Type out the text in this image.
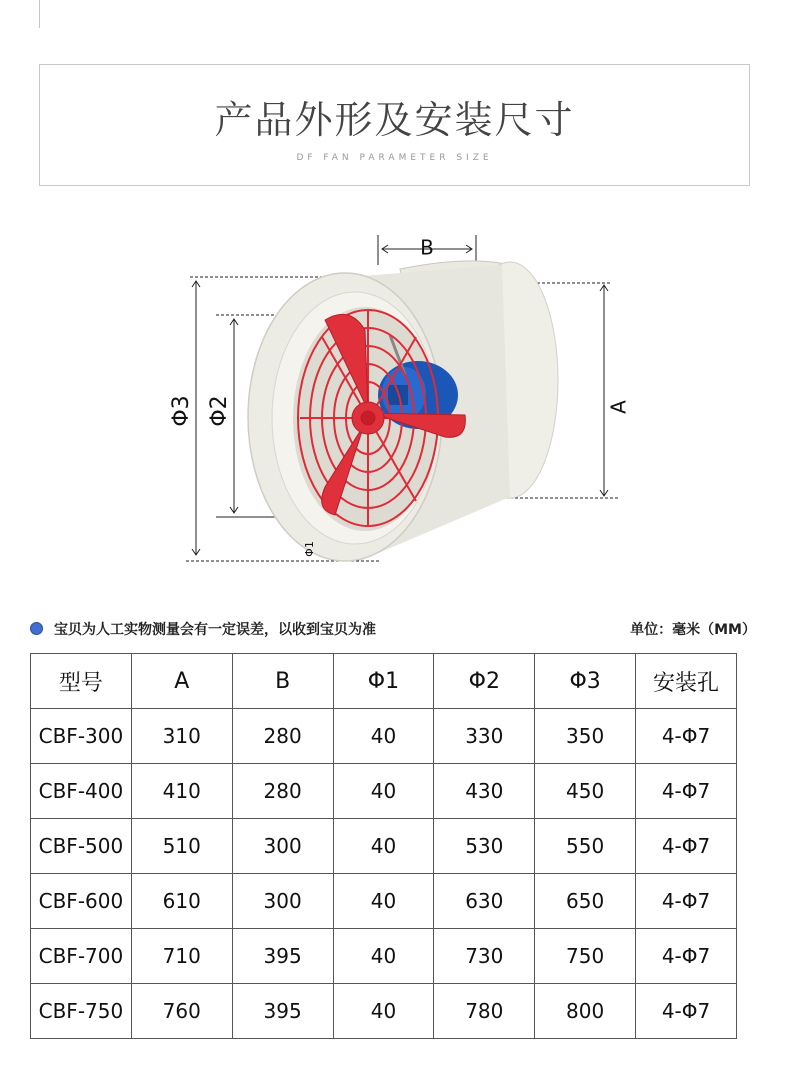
产品外形及安装尺寸
DF FAN PARAMETER SIZE
B
A
Φ3 Φ2
Φ1
宝贝为人工实物测量会有一定误差，以收到宝贝为准	单位：毫米（MM）
型号	A	B	Φ1	Φ2	Φ3	安装孔
CBF-300	310	280	40	330	350	4-Φ7
CBF-400	410	280	40	430	450	4-Φ7
CBF-500	510	300	40	530	550	4-Φ7
CBF-600	610	300	40	630	650	4-Φ7
CBF-700	710	395	40	730	750	4-Φ7
CBF-750	760	395	40	780	800	4-Φ7
